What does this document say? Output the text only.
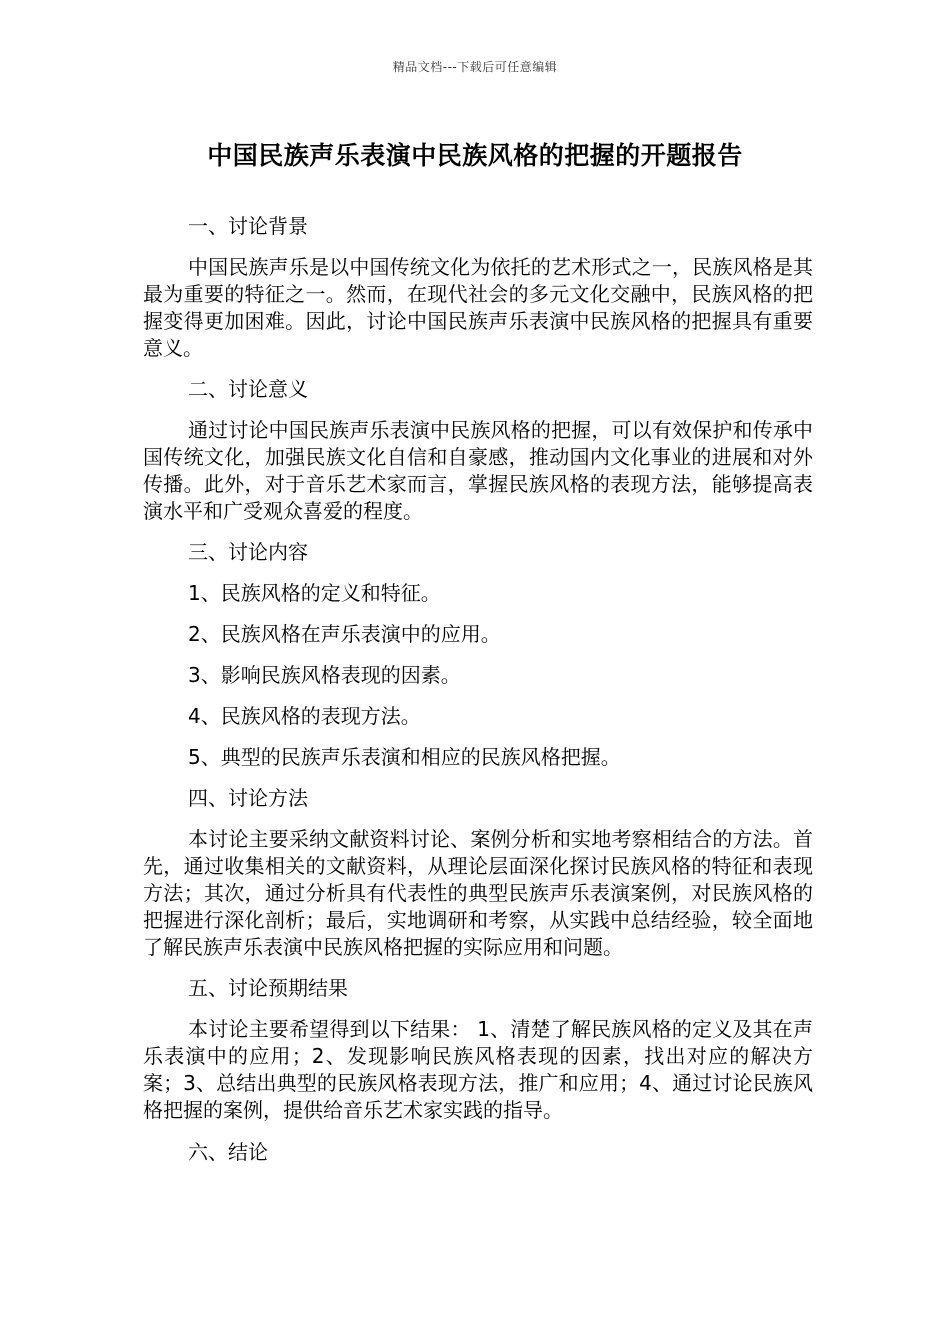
精品文档---下载后可任意编辑
中国民族声乐表演中民族风格的把握的开题报告

一、讨论背景

中国民族声乐是以中国传统文化为依托的艺术形式之一，民族风格是其最为重要的特征之一。然而，在现代社会的多元文化交融中，民族风格的把握变得更加困难。因此，讨论中国民族声乐表演中民族风格的把握具有重要意义。

二、讨论意义

通过讨论中国民族声乐表演中民族风格的把握，可以有效保护和传承中国传统文化，加强民族文化自信和自豪感，推动国内文化事业的进展和对外传播。此外，对于音乐艺术家而言，掌握民族风格的表现方法，能够提高表演水平和广受观众喜爱的程度。

三、讨论内容

1、民族风格的定义和特征。

2、民族风格在声乐表演中的应用。

3、影响民族风格表现的因素。

4、民族风格的表现方法。

5、典型的民族声乐表演和相应的民族风格把握。

四、讨论方法

本讨论主要采纳文献资料讨论、案例分析和实地考察相结合的方法。首先，通过收集相关的文献资料，从理论层面深化探讨民族风格的特征和表现方法；其次，通过分析具有代表性的典型民族声乐表演案例，对民族风格的把握进行深化剖析；最后，实地调研和考察，从实践中总结经验，较全面地了解民族声乐表演中民族风格把握的实际应用和问题。

五、讨论预期结果

本讨论主要希望得到以下结果： 1、清楚了解民族风格的定义及其在声乐表演中的应用；2、发现影响民族风格表现的因素，找出对应的解决方案；3、总结出典型的民族风格表现方法，推广和应用；4、通过讨论民族风格把握的案例，提供给音乐艺术家实践的指导。

六、结论
